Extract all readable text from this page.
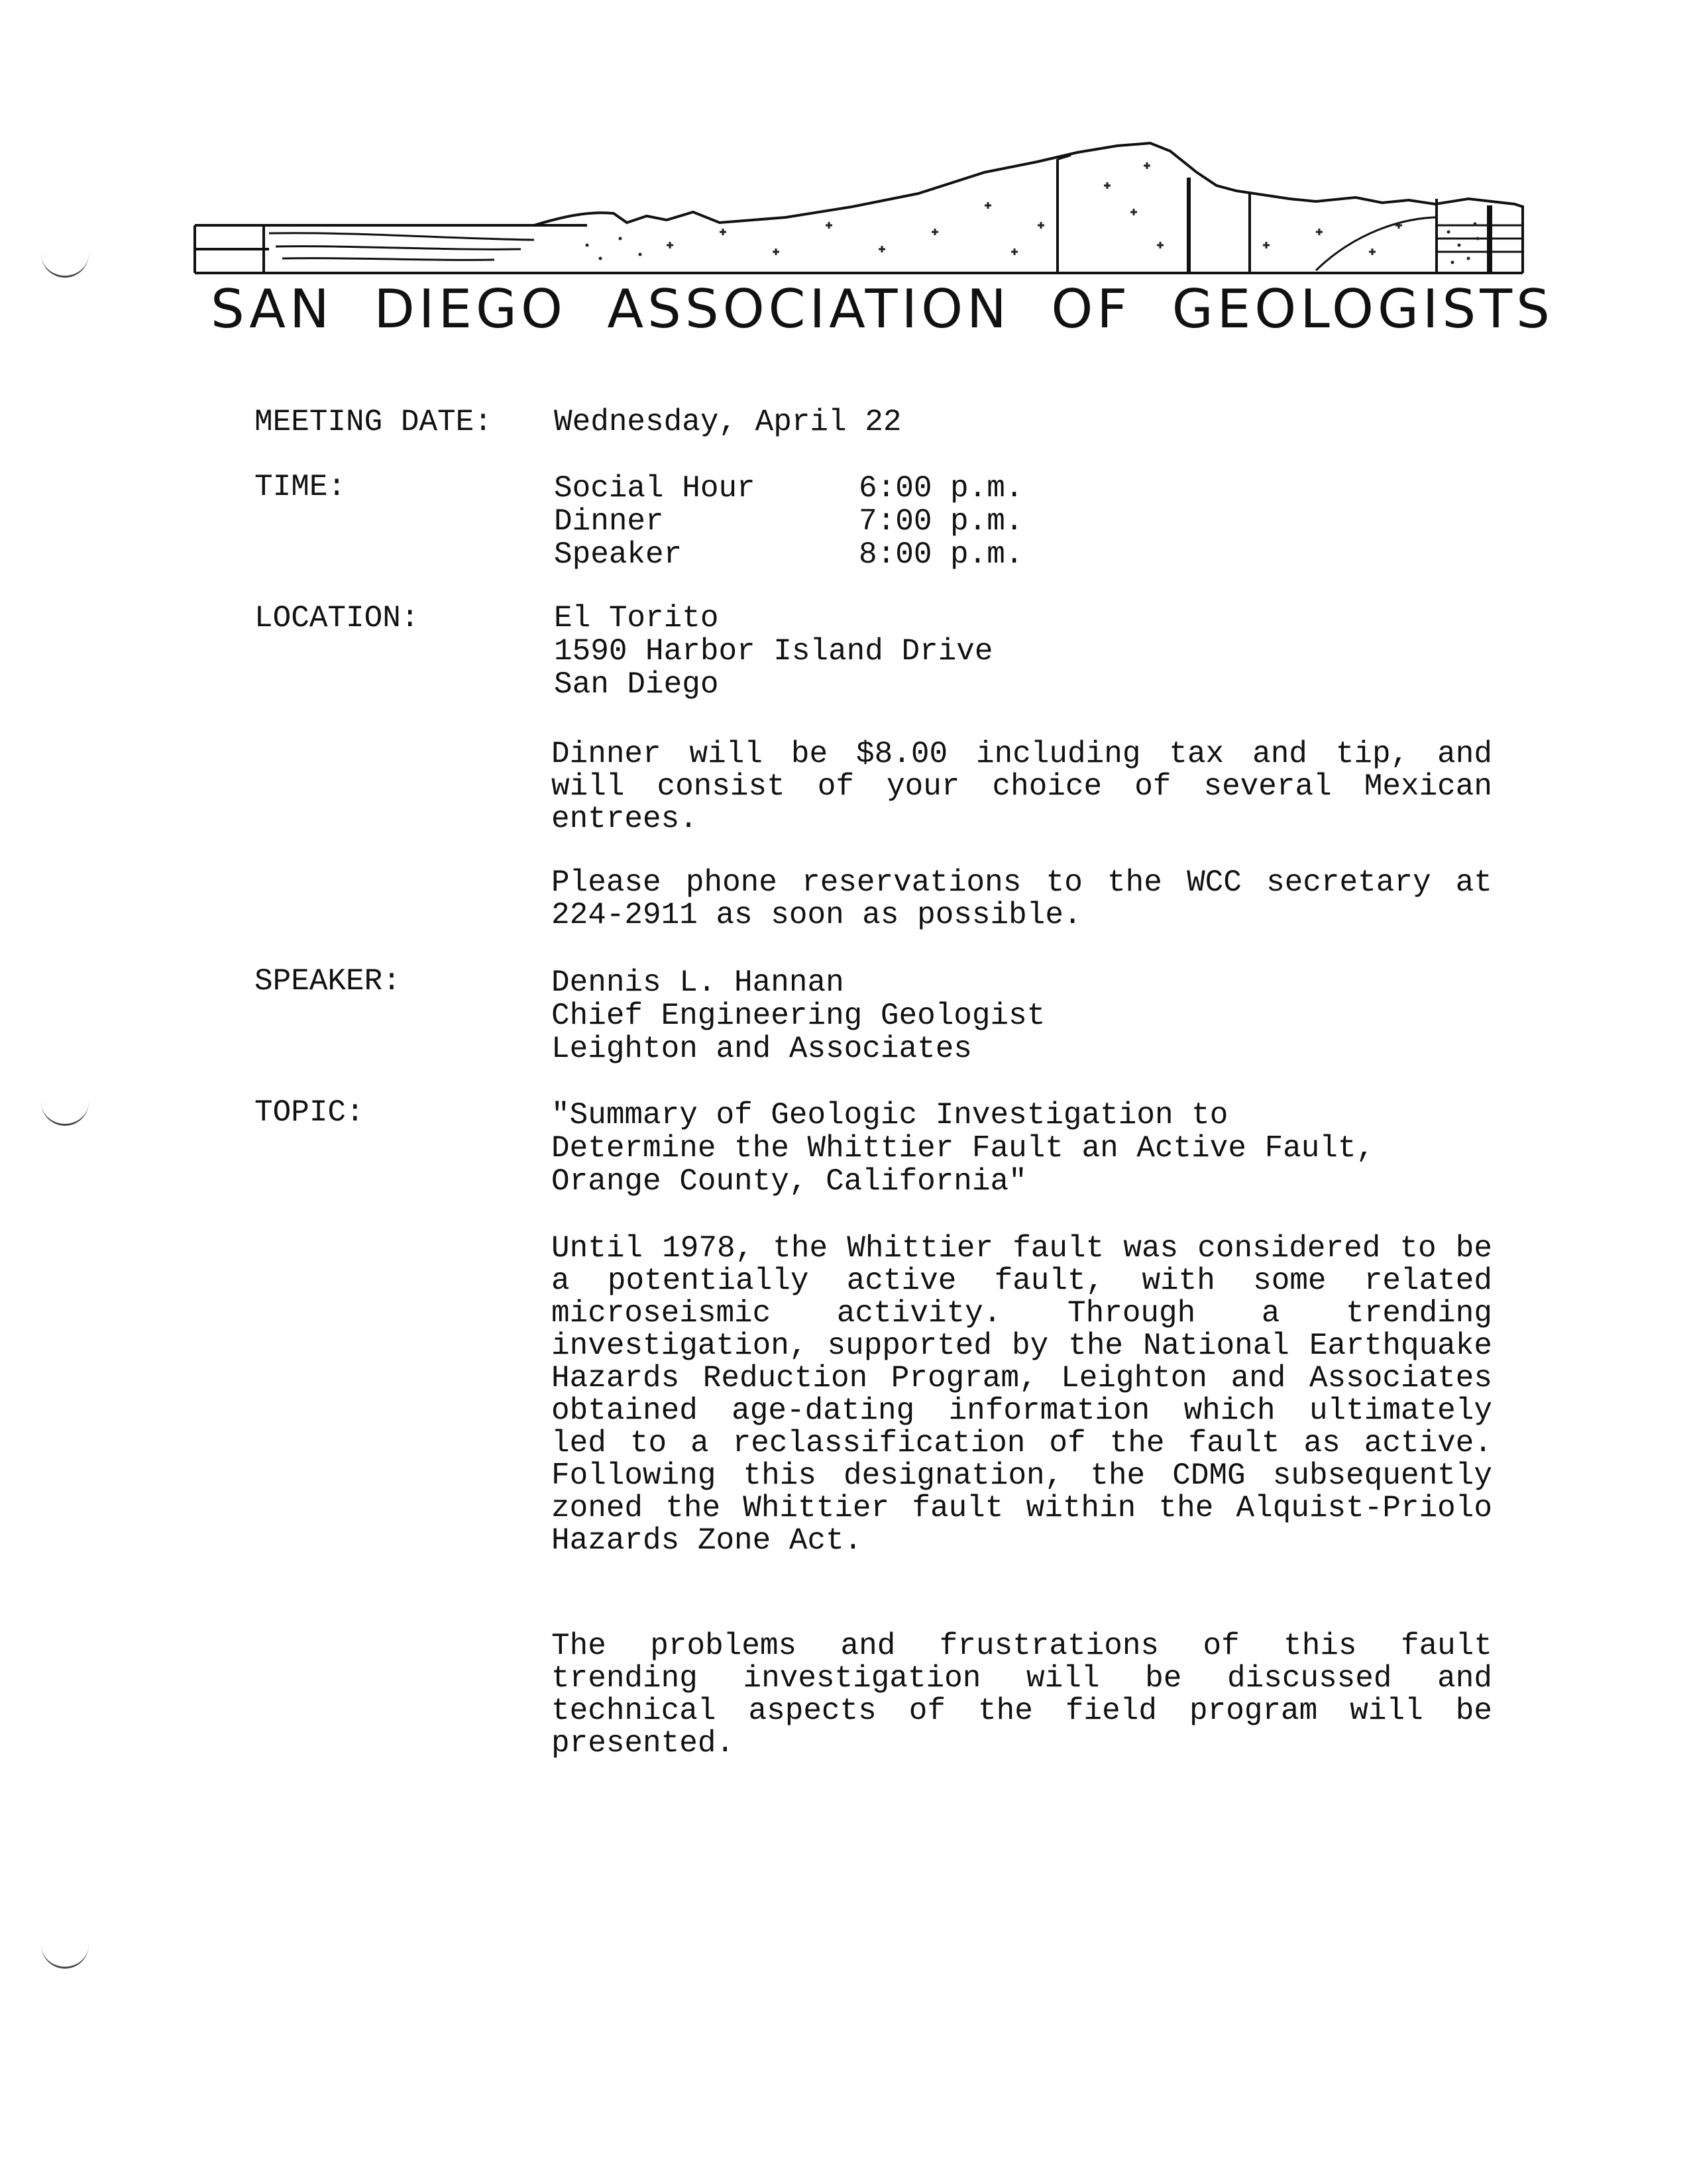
SAN DIEGO ASSOCIATION OF GEOLOGISTS
MEETING DATE: Wednesday, April 22
TIME:	Social Hour	6:00 p.m.
Dinner	7:00 p.m.
Speaker	8:00 p.m.
LOCATION:	El Torito
1590 Harbor Island Drive
San Diego
Dinner will be $8.00 including tax and tip, and will consist of your choice of several Mexican entrees.
Please phone reservations to the WCC secretary at 224-2911 as soon as possible.
SPEAKER:	Dennis L. Hannan
Chief Engineering Geologist
Leighton and Associates
TOPIC:	"Summary of Geologic Investigation to
Determine the Whittier Fault an Active Fault,
Orange County, California"
Until 1978, the Whittier fault was considered to be a potentially active fault, with some related microseismic activity. Through a trending investigation, supported by the National Earthquake Hazards Reduction Program, Leighton and Associates obtained age-dating information which ultimately led to a reclassification of the fault as active. Following this designation, the CDMG subsequently zoned the Whittier fault within the Alquist-Priolo Hazards Zone Act.
The problems and frustrations of this fault trending investigation will be discussed and technical aspects of the field program will be presented.
